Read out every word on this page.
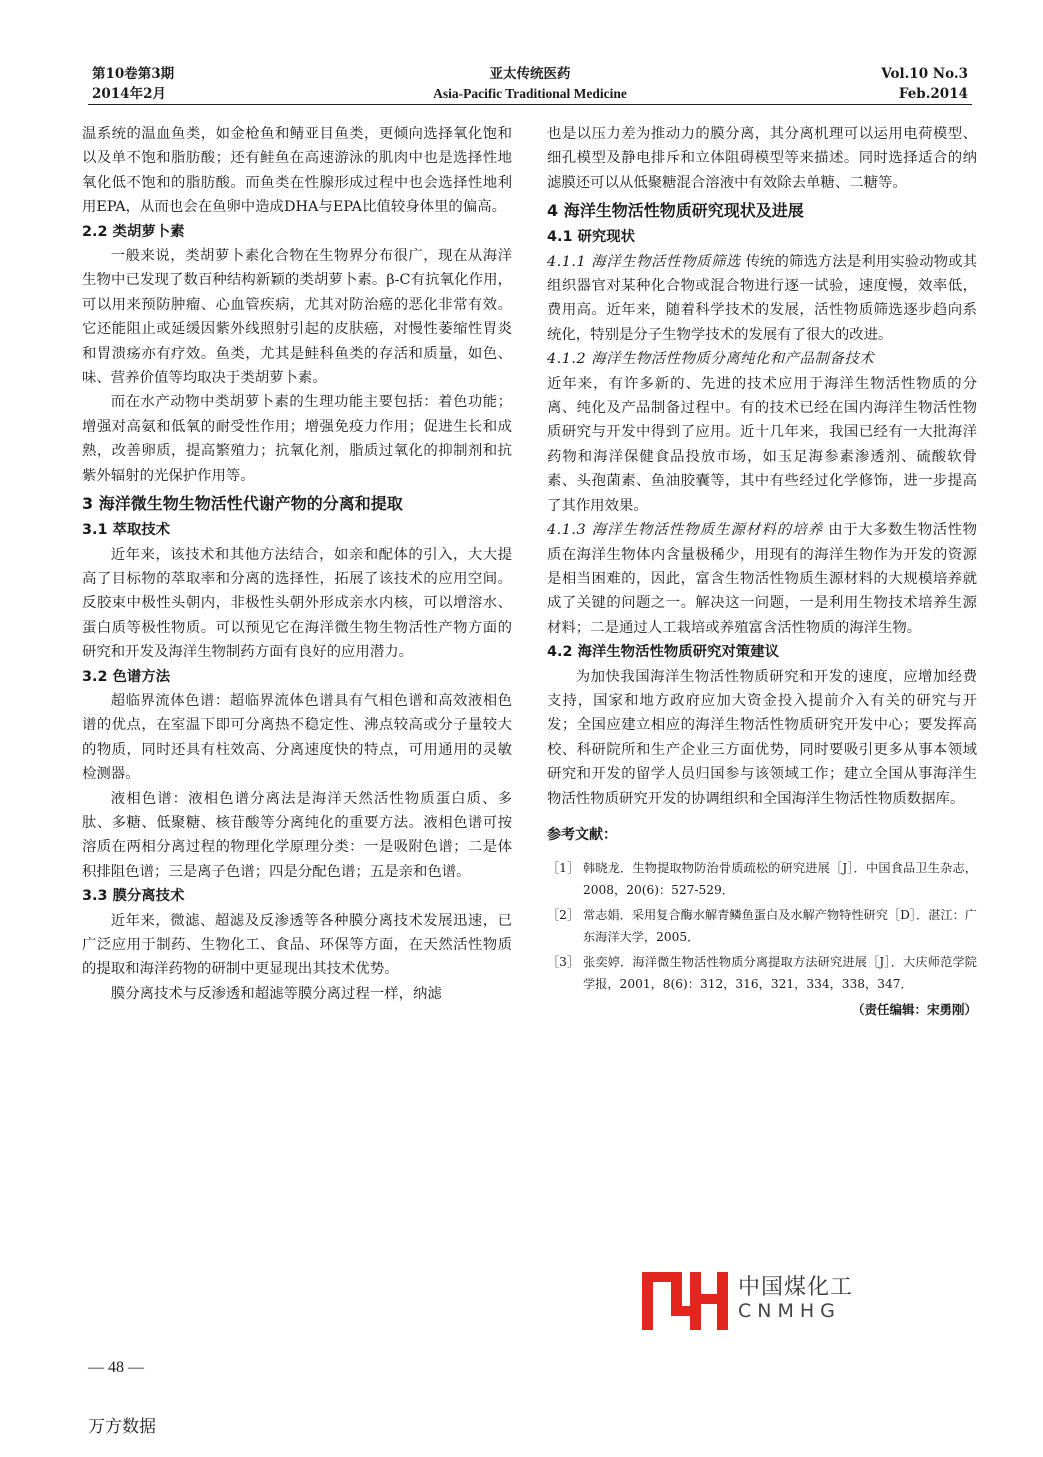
第10卷第3期
2014年2月
亚太传统医药
Asia-Pacific Traditional Medicine
Vol.10 No.3
Feb.2014

温系统的温血鱼类，如金枪鱼和鲭亚目鱼类，更倾向选择氧化饱和以及单不饱和脂肪酸；还有鲑鱼在高速游泳的肌肉中也是选择性地氧化低不饱和的脂肪酸。而鱼类在性腺形成过程中也会选择性地利用EPA，从而也会在鱼卵中造成DHA与EPA比值较身体里的偏高。

2.2 类胡萝卜素

一般来说，类胡萝卜素化合物在生物界分布很广，现在从海洋生物中已发现了数百种结构新颖的类胡萝卜素。β-C有抗氧化作用，可以用来预防肿瘤、心血管疾病，尤其对防治癌的恶化非常有效。它还能阻止或延缓因紫外线照射引起的皮肤癌，对慢性萎缩性胃炎和胃溃疡亦有疗效。鱼类，尤其是鲑科鱼类的存活和质量，如色、味、营养价值等均取决于类胡萝卜素。

而在水产动物中类胡萝卜素的生理功能主要包括：着色功能；增强对高氨和低氧的耐受性作用；增强免疫力作用；促进生长和成熟，改善卵质，提高繁殖力；抗氧化剂，脂质过氧化的抑制剂和抗紫外辐射的光保护作用等。

3 海洋微生物生物活性代谢产物的分离和提取
3.1 萃取技术

近年来，该技术和其他方法结合，如亲和配体的引入，大大提高了目标物的萃取率和分离的选择性，拓展了该技术的应用空间。反胶束中极性头朝内，非极性头朝外形成亲水内核，可以增溶水、蛋白质等极性物质。可以预见它在海洋微生物生物活性产物方面的研究和开发及海洋生物制药方面有良好的应用潜力。

3.2 色谱方法

超临界流体色谱：超临界流体色谱具有气相色谱和高效液相色谱的优点，在室温下即可分离热不稳定性、沸点较高或分子量较大的物质，同时还具有柱效高、分离速度快的特点，可用通用的灵敏检测器。

液相色谱：液相色谱分离法是海洋天然活性物质蛋白质、多肽、多糖、低聚糖、核苷酸等分离纯化的重要方法。液相色谱可按溶质在两相分离过程的物理化学原理分类：一是吸附色谱；二是体积排阻色谱；三是离子色谱；四是分配色谱；五是亲和色谱。

3.3 膜分离技术

近年来，微滤、超滤及反渗透等各种膜分离技术发展迅速，已广泛应用于制药、生物化工、食品、环保等方面，在天然活性物质的提取和海洋药物的研制中更显现出其技术优势。

膜分离技术与反渗透和超滤等膜分离过程一样，纳滤

也是以压力差为推动力的膜分离，其分离机理可以运用电荷模型、细孔模型及静电排斥和立体阻碍模型等来描述。同时选择适合的纳滤膜还可以从低聚糖混合溶液中有效除去单糖、二糖等。

4 海洋生物活性物质研究现状及进展
4.1 研究现状

4.1.1 海洋生物活性物质筛选 传统的筛选方法是利用实验动物或其组织器官对某种化合物或混合物进行逐一试验，速度慢，效率低，费用高。近年来，随着科学技术的发展，活性物质筛选逐步趋向系统化，特别是分子生物学技术的发展有了很大的改进。

4.1.2 海洋生物活性物质分离纯化和产品制备技术

近年来，有许多新的、先进的技术应用于海洋生物活性物质的分离、纯化及产品制备过程中。有的技术已经在国内海洋生物活性物质研究与开发中得到了应用。近十几年来，我国已经有一大批海洋药物和海洋保健食品投放市场，如玉足海参素渗透剂、硫酸软骨素、头孢菌素、鱼油胶囊等，其中有些经过化学修饰，进一步提高了其作用效果。

4.1.3 海洋生物活性物质生源材料的培养 由于大多数生物活性物质在海洋生物体内含量极稀少，用现有的海洋生物作为开发的资源是相当困难的，因此，富含生物活性物质生源材料的大规模培养就成了关键的问题之一。解决这一问题，一是利用生物技术培养生源材料；二是通过人工栽培或养殖富含活性物质的海洋生物。

4.2 海洋生物活性物质研究对策建议

为加快我国海洋生物活性物质研究和开发的速度，应增加经费支持，国家和地方政府应加大资金投入提前介入有关的研究与开发；全国应建立相应的海洋生物活性物质研究开发中心；要发挥高校、科研院所和生产企业三方面优势，同时要吸引更多从事本领域研究和开发的留学人员归国参与该领域工作；建立全国从事海洋生物活性物质研究开发的协调组织和全国海洋生物活性物质数据库。

参考文献：
［1］ 韩晓龙．生物提取物防治骨质疏松的研究进展［J］．中国食品卫生杂志，2008，20(6)：527-529．
［2］ 常志娟．采用复合酶水解青鳞鱼蛋白及水解产物特性研究［D］．湛江：广东海洋大学，2005．
［3］ 张奕婷．海洋微生物活性物质分离提取方法研究进展［J］．大庆师范学院学报，2001，8(6)：312，316，321，334，338，347．
（责任编辑：宋勇刚）
中国煤化工
CNMHG
— 48 —
万方数据
